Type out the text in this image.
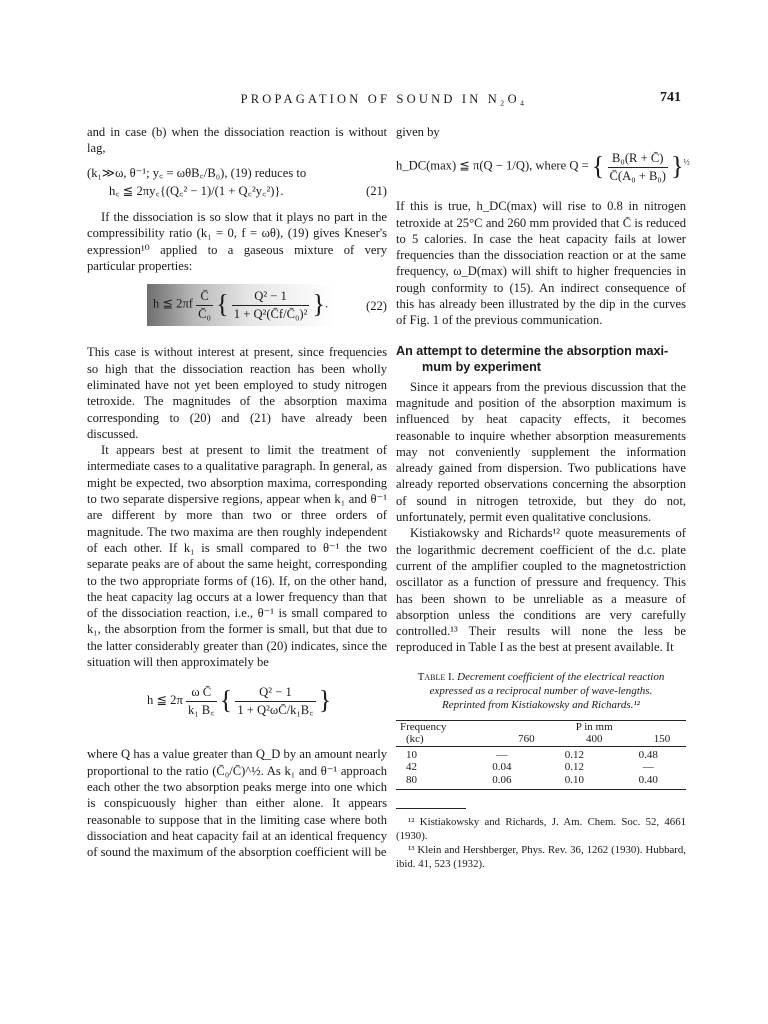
PROPAGATION OF SOUND IN N₂O₄	741

and in case (b) when the dissociation reaction is without lag,

(k₁≫ω, θ⁻¹; y꜀ = ωθB꜀/B₀), (19) reduces to
h꜀ ≦ 2πy꜀{(Q꜀² − 1)/(1 + Q꜀²y꜀²)}.	(21)

If the dissociation is so slow that it plays no part in the compressibility ratio (k₁ = 0, f = ωθ), (19) gives Kneser's expression¹⁰ applied to a gaseous mixture of very particular properties:

h ≦ $2\pi f \frac{C̄}{\text{C̄₀}}$ { $\frac{\text{Q² − 1}}{\text{1 + Q²(C̄f/C̄₀)²}}$ }.	(22)

This case is without interest at present, since frequencies so high that the dissociation reaction has been wholly eliminated have not yet been employed to study nitrogen tetroxide. The magnitudes of the absorption maxima corresponding to (20) and (21) have already been discussed.

It appears best at present to limit the treatment of intermediate cases to a qualitative paragraph. In general, as might be expected, two absorption maxima, corresponding to two separate dispersive regions, appear when k₁ and θ⁻¹ are different by more than two or three orders of magnitude. The two maxima are then roughly independent of each other. If k₁ is small compared to θ⁻¹ the two separate peaks are of about the same height, corresponding to the two appropriate forms of (16). If, on the other hand, the heat capacity lag occurs at a lower frequency than that of the dissociation reaction, i.e., θ⁻¹ is small compared to k₁, the absorption from the former is small, but that due to the latter considerably greater than (20) indicates, since the situation will then approximately be

h ≦ $2\pi \frac{\text{ω C̄}}{\text{k₁ B꜀}}$ { $\frac{\text{Q² − 1}}{\text{1 + Q²ωC̄/k₁B꜀}}$ }

where Q has a value greater than Q_D by an amount nearly proportional to the ratio (C̄₀/C̄)^½. As k₁ and θ⁻¹ approach each other the two absorption peaks merge into one which is conspicuously higher than either alone. It appears reasonable to suppose that in the limiting case where both dissociation and heat capacity fail at an identical frequency of sound the maximum of the absorption coefficient will be

given by

h_DC(max) ≦ π(Q − 1/Q), where Q = { $\frac{\text{B₀(R + C̄)}}{\text{C̄(A₀ + B₀)}} \}^{\frac{1}{2}}$

If this is true, h_DC(max) will rise to 0.8 in nitrogen tetroxide at 25°C and 260 mm provided that C̄ is reduced to 5 calories. In case the heat capacity fails at lower frequencies than the dissociation reaction or at the same frequency, ω_D(max) will shift to higher frequencies in rough conformity to (15). An indirect consequence of this has already been illustrated by the dip in the curves of Fig. 1 of the previous communication.

An attempt to determine the absorption maxi-
mum by experiment

Since it appears from the previous discussion that the magnitude and position of the absorption maximum is influenced by heat capacity effects, it becomes reasonable to inquire whether absorption measurements may not conveniently supplement the information already gained from dispersion. Two publications have already reported observations concerning the absorption of sound in nitrogen tetroxide, but they do not, unfortunately, permit even qualitative conclusions.

Kistiakowsky and Richards¹² quote measurements of the logarithmic decrement coefficient of the d.c. plate current of the amplifier coupled to the magnetostriction oscillator as a function of pressure and frequency. This has been shown to be unreliable as a measure of absorption unless the conditions are very carefully controlled.¹³ Their results will none the less be reproduced in Table I as the best at present available. It

Table I. Decrement coefficient of the electrical reaction expressed as a reciprocal number of wave-lengths.
Reprinted from Kistiakowsky and Richards.¹²
Frequency		P in mm	
(kc)	760	400	150
10	—	0.12	0.48
42	0.04	0.12	—
80	0.06	0.10	0.40

¹² Kistiakowsky and Richards, J. Am. Chem. Soc. 52, 4661 (1930).

¹³ Klein and Hershberger, Phys. Rev. 36, 1262 (1930). Hubbard, ibid. 41, 523 (1932).
